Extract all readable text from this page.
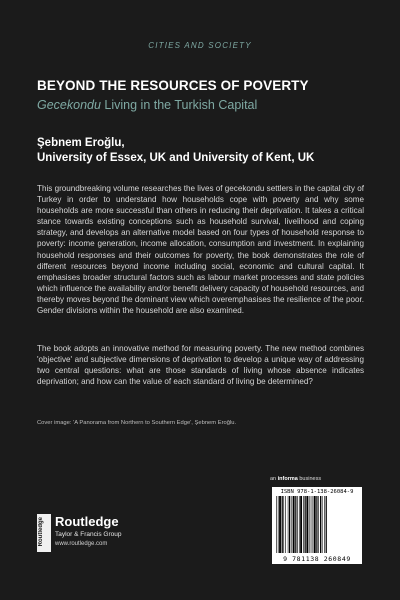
CITIES AND SOCIETY
BEYOND THE RESOURCES OF POVERTY
Gecekondu Living in the Turkish Capital
Şebnem Eroğlu,
University of Essex, UK and University of Kent, UK

This groundbreaking volume researches the lives of gecekondu settlers in the capital city of Turkey in order to understand how households cope with poverty and why some households are more successful than others in reducing their deprivation. It takes a critical stance towards existing conceptions such as household survival, livelihood and coping strategy, and develops an alternative model based on four types of household response to poverty: income generation, income allocation, consumption and investment. In explaining household responses and their outcomes for poverty, the book demonstrates the role of different resources beyond income including social, economic and cultural capital. It emphasises broader structural factors such as labour market processes and state policies which influence the availability and/or benefit delivery capacity of household resources, and thereby moves beyond the dominant view which overemphasises the resilience of the poor. Gender divisions within the household are also examined.

The book adopts an innovative method for measuring poverty. The new method combines 'objective' and subjective dimensions of deprivation to develop a unique way of addressing two central questions: what are those standards of living whose absence indicates deprivation; and how can the value of each standard of living be determined?

Cover image: 'A Panorama from Northern to Southern Edge', Şebnem Eroğlu.
an informa business
ISBN 978-1-138-26084-9
9 781138 260849
Routledge Routledge
Taylor & Francis Group
www.routledge.com
